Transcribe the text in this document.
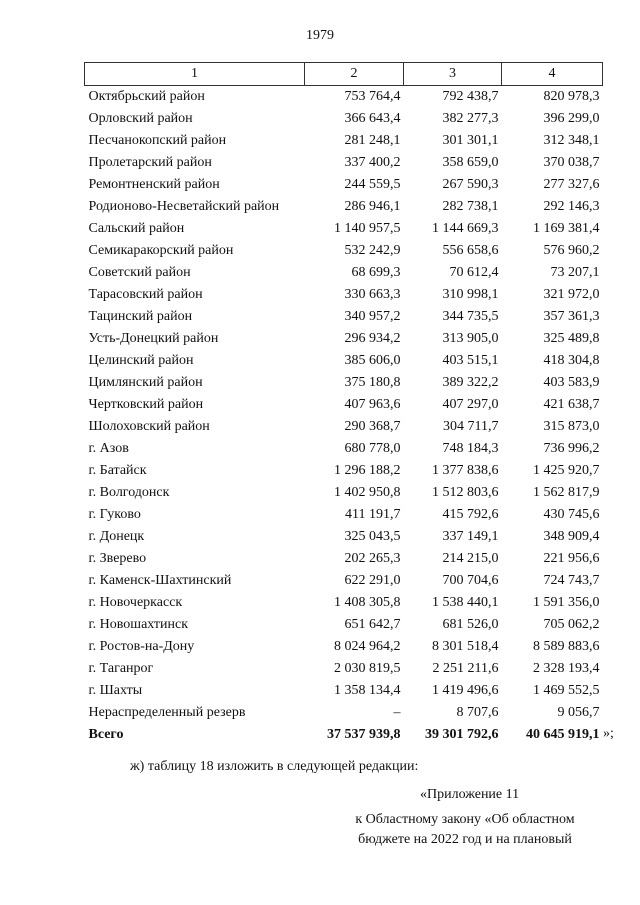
1979
1	2	3	4
Октябрьский район	753 764,4	792 438,7	820 978,3
Орловский район	366 643,4	382 277,3	396 299,0
Песчанокопский район	281 248,1	301 301,1	312 348,1
Пролетарский район	337 400,2	358 659,0	370 038,7
Ремонтненский район	244 559,5	267 590,3	277 327,6
Родионово-Несветайский район	286 946,1	282 738,1	292 146,3
Сальский район	1 140 957,5	1 144 669,3	1 169 381,4
Семикаракорский район	532 242,9	556 658,6	576 960,2
Советский район	68 699,3	70 612,4	73 207,1
Тарасовский район	330 663,3	310 998,1	321 972,0
Тацинский район	340 957,2	344 735,5	357 361,3
Усть-Донецкий район	296 934,2	313 905,0	325 489,8
Целинский район	385 606,0	403 515,1	418 304,8
Цимлянский район	375 180,8	389 322,2	403 583,9
Чертковский район	407 963,6	407 297,0	421 638,7
Шолоховский район	290 368,7	304 711,7	315 873,0
г. Азов	680 778,0	748 184,3	736 996,2
г. Батайск	1 296 188,2	1 377 838,6	1 425 920,7
г. Волгодонск	1 402 950,8	1 512 803,6	1 562 817,9
г. Гуково	411 191,7	415 792,6	430 745,6
г. Донецк	325 043,5	337 149,1	348 909,4
г. Зверево	202 265,3	214 215,0	221 956,6
г. Каменск-Шахтинский	622 291,0	700 704,6	724 743,7
г. Новочеркасск	1 408 305,8	1 538 440,1	1 591 356,0
г. Новошахтинск	651 642,7	681 526,0	705 062,2
г. Ростов-на-Дону	8 024 964,2	8 301 518,4	8 589 883,6
г. Таганрог	2 030 819,5	2 251 211,6	2 328 193,4
г. Шахты	1 358 134,4	1 419 496,6	1 469 552,5
Нераспределенный резерв	–	8 707,6	9 056,7
Всего	37 537 939,8	39 301 792,6	40 645 919,1 »;
ж) таблицу 18 изложить в следующей редакции:
«Приложение 11
к Областному закону «Об областном
бюджете на 2022 год и на плановый
